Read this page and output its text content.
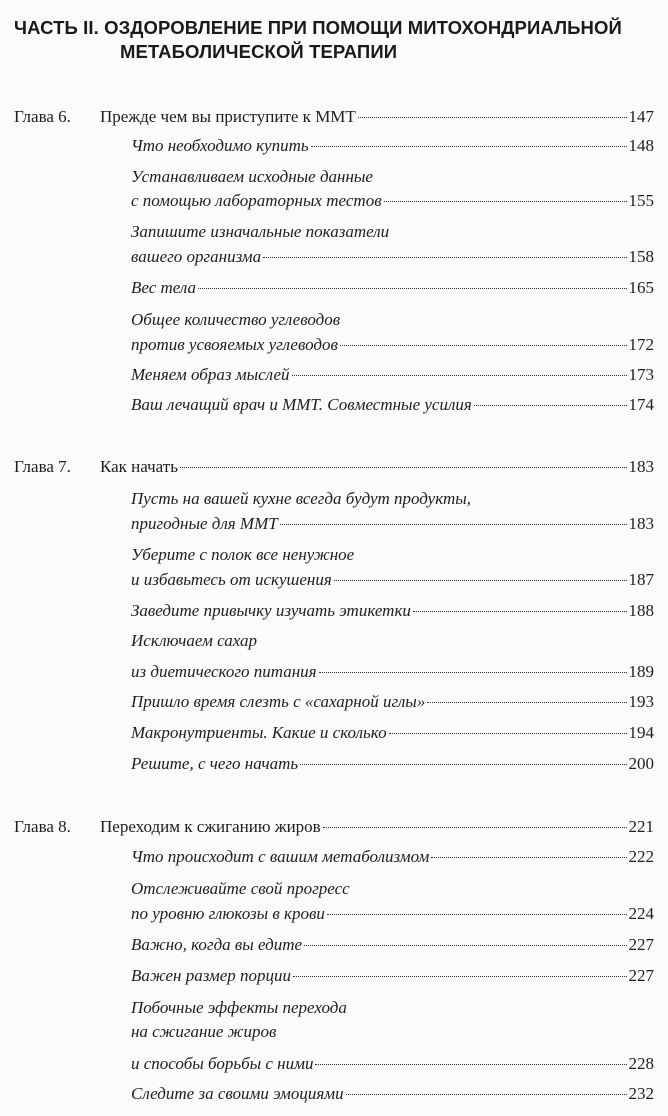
ЧАСТЬ II. ОЗДОРОВЛЕНИЕ ПРИ ПОМОЩИ МИТОХОНДРИАЛЬНОЙ
МЕТАБОЛИЧЕСКОЙ ТЕРАПИИ
Глава 6. Прежде чем вы приступите к ММТ	147
Что необходимо купить	148
Устанавливаем исходные данные
с помощью лабораторных тестов	155
Запишите изначальные показатели
вашего организма	158
Вес тела	165
Общее количество углеводов
против усвояемых углеводов	172
Меняем образ мыслей	173
Ваш лечащий врач и ММТ. Совместные усилия	174
Глава 7. Как начать	183
Пусть на вашей кухне всегда будут продукты,
пригодные для ММТ	183
Уберите с полок все ненужное
и избавьтесь от искушения	187
Заведите привычку изучать этикетки	188
Исключаем сахар
из диетического питания	189
Пришло время слезть с «сахарной иглы»	193
Макронутриенты. Какие и сколько	194
Решите, с чего начать	200
Глава 8. Переходим к сжиганию жиров	221
Что происходит с вашим метаболизмом	222
Отслеживайте свой прогресс
по уровню глюкозы в крови	224
Важно, когда вы едите	227
Важен размер порции	227
Побочные эффекты перехода
на сжигание жиров
и способы борьбы с ними	228
Следите за своими эмоциями	232
